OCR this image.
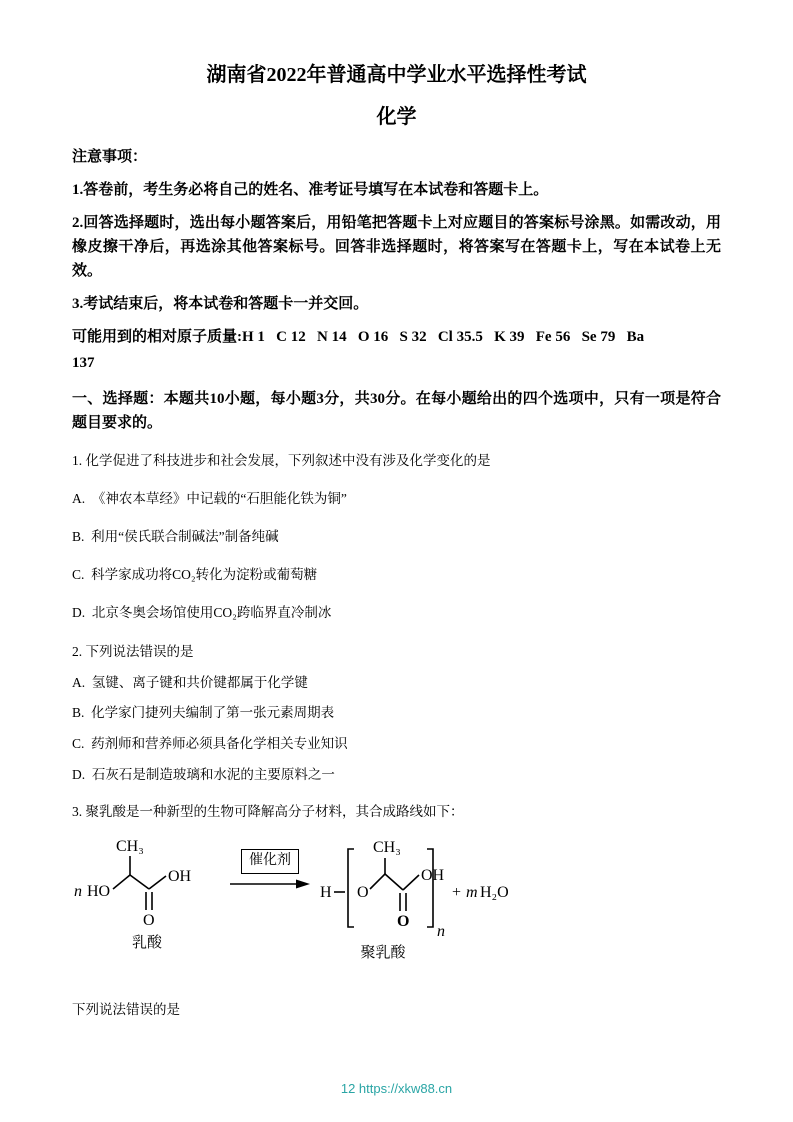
湖南省2022年普通高中学业水平选择性考试
化学

注意事项：

1.答卷前，考生务必将自己的姓名、准考证号填写在本试卷和答题卡上。

2.回答选择题时，选出每小题答案后，用铅笔把答题卡上对应题目的答案标号涂黑。如需改动，用橡皮擦干净后，再选涂其他答案标号。回答非选择题时，将答案写在答题卡上，写在本试卷上无效。

3.考试结束后，将本试卷和答题卡一并交回。

可能用到的相对原子质量:H 1   C 12   N 14   O 16   S 32   Cl 35.5   K 39   Fe 56   Se 79   Ba

137

一、选择题：本题共10小题，每小题3分，共30分。在每小题给出的四个选项中，只有一项是符合题目要求的。

1. 化学促进了科技进步和社会发展，下列叙述中没有涉及化学变化的是

A.  《神农本草经》中记载的“石胆能化铁为铜”

B.  利用“侯氏联合制碱法”制备纯碱

C.  科学家成功将CO₂转化为淀粉或葡萄糖

D.  北京冬奥会场馆使用CO₂跨临界直冷制冰

2. 下列说法错误的是

A.  氢键、离子键和共价键都属于化学键

B.  化学家门捷列夫编制了第一张元素周期表

C.  药剂师和营养师必须具备化学相关专业知识

D.  石灰石是制造玻璃和水泥的主要原料之一

3. 聚乳酸是一种新型的生物可降解高分子材料，其合成路线如下：

CH₃
n HO
OH
O
乳酸
催化剂
H O
CH₃
OH
O
n
+ m H₂O
聚乳酸

下列说法错误的是

12 https://xkw88.cn
